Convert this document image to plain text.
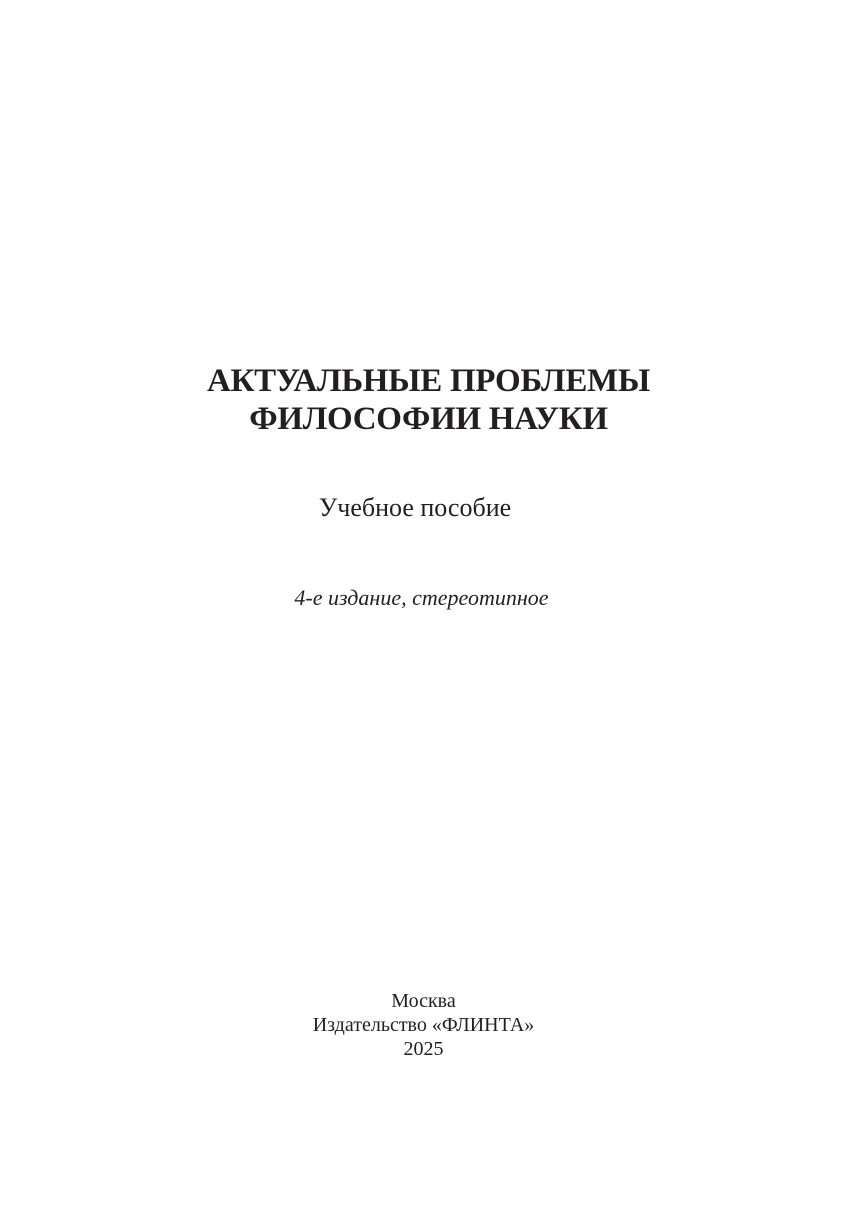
АКТУАЛЬНЫЕ ПРОБЛЕМЫ
ФИЛОСОФИИ НАУКИ
Учебное пособие
4-е издание, стереотипное
Москва
Издательство «ФЛИНТА»
2025
